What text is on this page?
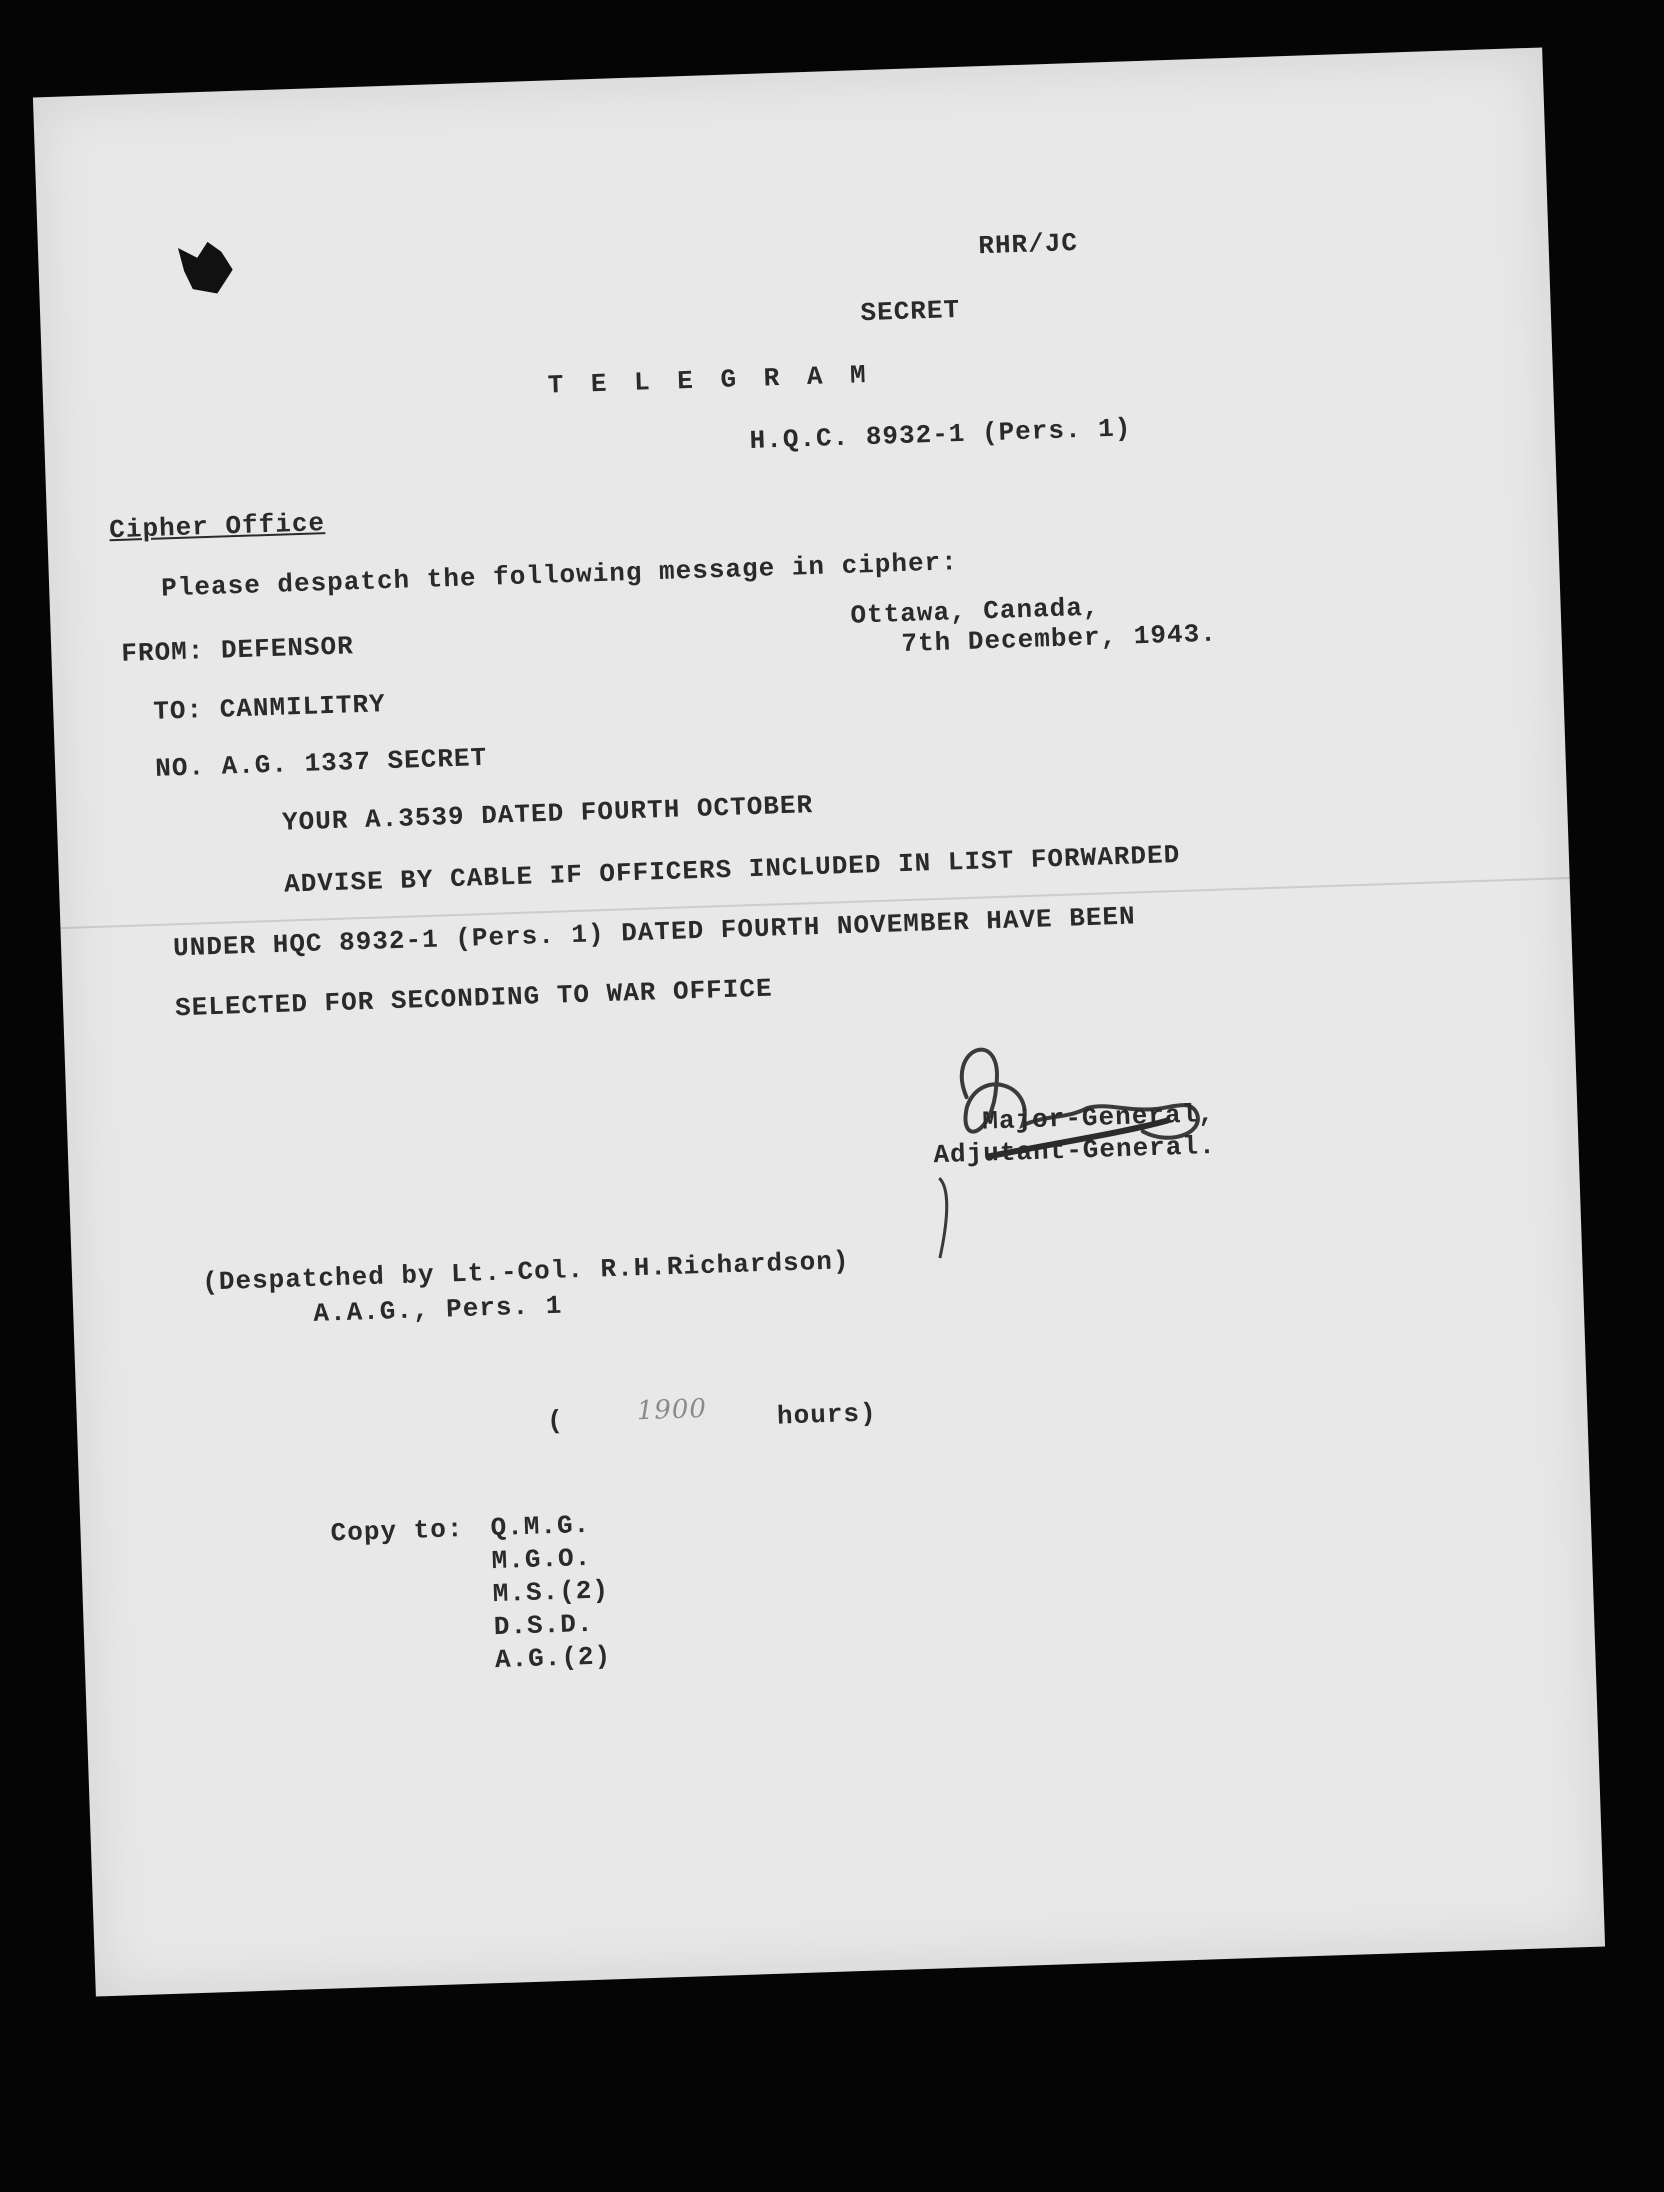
RHR/JC
SECRET
T E L E G R A M
H.Q.C. 8932-1 (Pers. 1)
Cipher Office
Please despatch the following message in cipher:
FROM: DEFENSOR
Ottawa, Canada,
7th December, 1943.
TO: CANMILITRY
NO. A.G. 1337 SECRET
YOUR A.3539 DATED FOURTH OCTOBER
ADVISE BY CABLE IF OFFICERS INCLUDED IN LIST FORWARDED
UNDER HQC 8932-1 (Pers. 1) DATED FOURTH NOVEMBER HAVE BEEN
SELECTED FOR SECONDING TO WAR OFFICE
Major-General,
Adjutant-General.
(Despatched by Lt.-Col. R.H.Richardson)
A.A.G., Pers. 1
(	1900	hours)
Copy to: Q.M.G.
M.G.O.
M.S.(2)
D.S.D.
A.G.(2)
